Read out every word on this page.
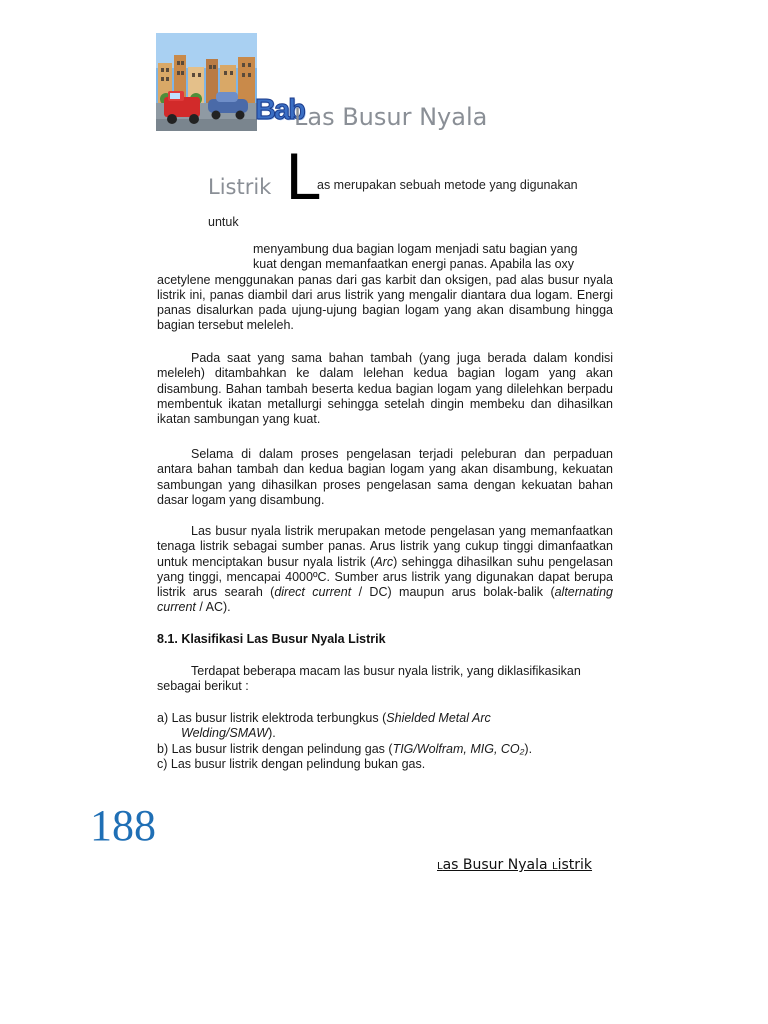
Bab
Las Busur Nyala
Listrik L
as merupakan sebuah metode yang digunakan
untuk
menyambung dua bagian logam menjadi satu bagian yang
kuat dengan memanfaatkan energi panas. Apabila las oxy
acetylene menggunakan panas dari gas karbit dan oksigen, pad alas busur nyala listrik ini, panas diambil dari arus listrik yang mengalir diantara dua logam. Energi panas disalurkan pada ujung-ujung bagian logam yang akan disambung hingga bagian tersebut meleleh.
Pada saat yang sama bahan tambah (yang juga berada dalam kondisi meleleh) ditambahkan ke dalam lelehan kedua bagian logam yang akan disambung. Bahan tambah beserta kedua bagian logam yang dilelehkan berpadu membentuk ikatan metallurgi sehingga setelah dingin membeku dan dihasilkan ikatan sambungan yang kuat.
Selama di dalam proses pengelasan terjadi peleburan dan perpaduan antara bahan tambah dan kedua bagian logam yang akan disambung, kekuatan sambungan yang dihasilkan proses pengelasan sama dengan kekuatan bahan dasar logam yang disambung.
Las busur nyala listrik merupakan metode pengelasan yang memanfaatkan tenaga listrik sebagai sumber panas. Arus listrik yang cukup tinggi dimanfaatkan untuk menciptakan busur nyala listrik (Arc) sehingga dihasilkan suhu pengelasan yang tinggi, mencapai 4000ºC. Sumber arus listrik yang digunakan dapat berupa listrik arus searah (direct current / DC) maupun arus bolak-balik (alternating current / AC).
8.1. Klasifikasi Las Busur Nyala Listrik
Terdapat beberapa macam las busur nyala listrik, yang diklasifikasikan sebagai berikut :
a) Las busur listrik elektroda terbungkus (Shielded Metal Arc
Welding/SMAW).
b) Las busur listrik dengan pelindung gas (TIG/Wolfram, MIG, CO₂).
c) Las busur listrik dengan pelindung bukan gas.
188
Las Busur Nyala Listrik
